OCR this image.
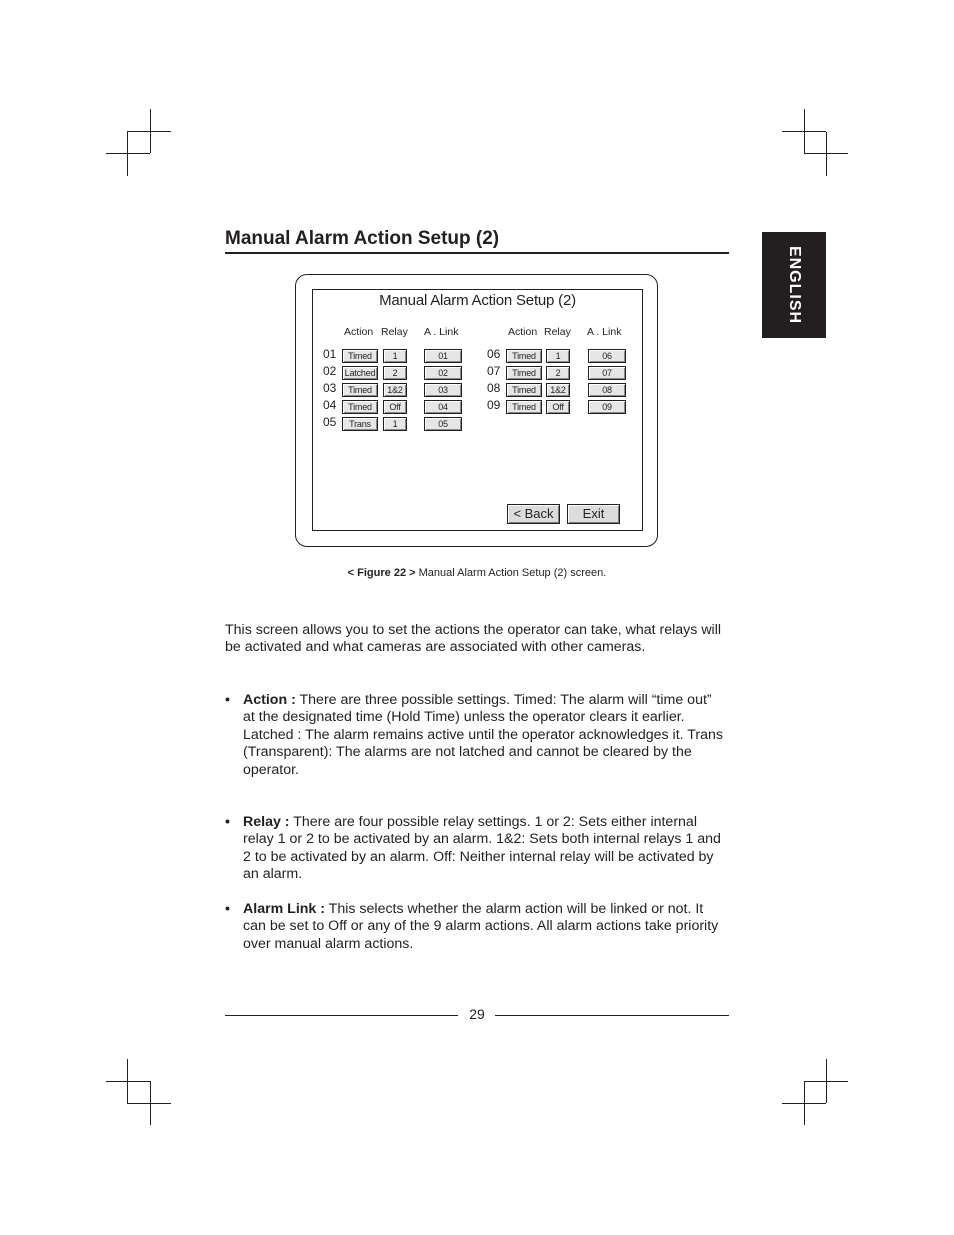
ENGLISH
Manual Alarm Action Setup (2)
Manual Alarm Action Setup (2)
Action Relay A . Link	Action Relay A . Link
01	Timed	1	01
02 Latched	2	02
03	Timed	1&2	03
04	Timed	Off	04
05	Trans	1	05
06	Timed	1	06
07	Timed	2	07
08	Timed	1&2	08
09	Timed	Off	09
< Back	Exit
< Figure 22 > Manual Alarm Action Setup (2) screen.
This screen allows you to set the actions the operator can take, what relays will be activated and what cameras are associated with other cameras.
• Action : There are three possible settings. Timed: The alarm will “time out” at the designated time (Hold Time) unless the operator clears it earlier.

Latched : The alarm remains active until the operator acknowledges it. Trans (Transparent): The alarms are not latched and cannot be cleared by the operator.

• Relay : There are four possible relay settings. 1 or 2: Sets either internal relay 1 or 2 to be activated by an alarm. 1&2: Sets both internal relays 1 and 2 to be activated by an alarm. Off: Neither internal relay will be activated by an alarm.

• Alarm Link : This selects whether the alarm action will be linked or not. It can be set to Off or any of the 9 alarm actions. All alarm actions take priority over manual alarm actions.

29
